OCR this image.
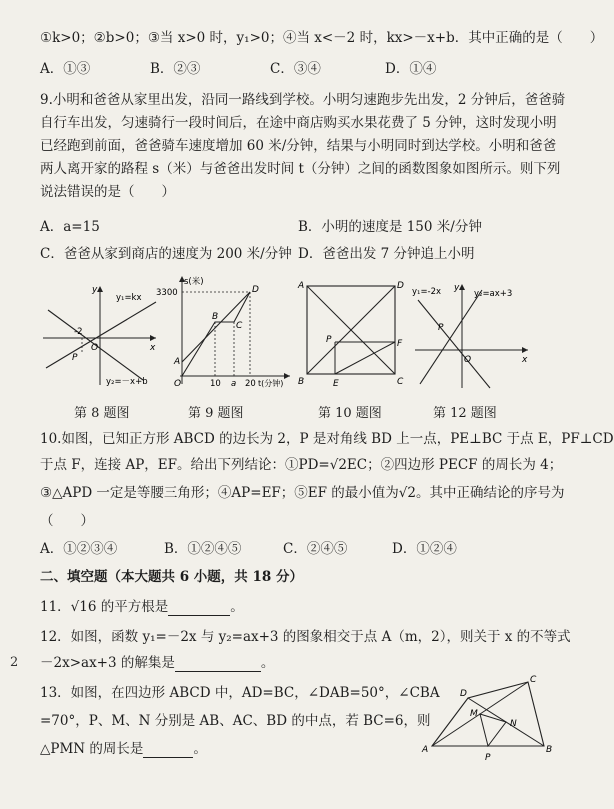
①k>0；②b>0；③当 x>0 时，y₁>0；④当 x<－2 时，kx>－x+b．其中正确的是（　　）
A．①③	B．②③	C．③④	D．①④
9.小明和爸爸从家里出发，沿同一路线到学校。小明匀速跑步先出发，2 分钟后，爸爸骑
自行车出发，匀速骑行一段时间后，在途中商店购买水果花费了 5 分钟，这时发现小明
已经跑到前面，爸爸骑车速度增加 60 米/分钟，结果与小明同时到达学校。小明和爸爸
两人离开家的路程 s（米）与爸爸出发时间 t（分钟）之间的函数图象如图所示。则下列
说法错误的是（　　）
A．a=15	B．小明的速度是 150 米/分钟
C．爸爸从家到商店的速度为 200 米/分钟 D．爸爸出发 7 分钟追上小明
y
x
y₁=kx
y₂=－x+b
-2
P
O
第 8 题图
s(米)
t(分钟)
3300
10 a 20
O
A
B
C
D
第 9 题图
A	D
B	C
E
F
P
第 10 题图
y
x
y₁=-2x	y₂=ax+3
P
O
第 12 题图
10.如图，已知正方形 ABCD 的边长为 2，P 是对角线 BD 上一点，PE⊥BC 于点 E，PF⊥CD
于点 F，连接 AP，EF。给出下列结论：①PD=√2EC；②四边形 PECF 的周长为 4；
③△APD 一定是等腰三角形；④AP=EF；⑤EF 的最小值为√2。其中正确结论的序号为
（　　）
A．①②③④	B．①②④⑤	C．②④⑤	D．①②④
二、填空题（本大题共 6 小题，共 18 分）
11．√16 的平方根是	。
12．如图，函数 y₁=－2x 与 y₂=ax+3 的图象相交于点 A（m，2），则关于 x 的不等式
－2x>ax+3 的解集是	。
13．如图，在四边形 ABCD 中，AD=BC，∠DAB=50°，∠CBA
=70°，P、M、N 分别是 AB、AC、BD 的中点，若 BC=6，则
△PMN 的周长是	。	A	B
C
D
M
N
P
2
